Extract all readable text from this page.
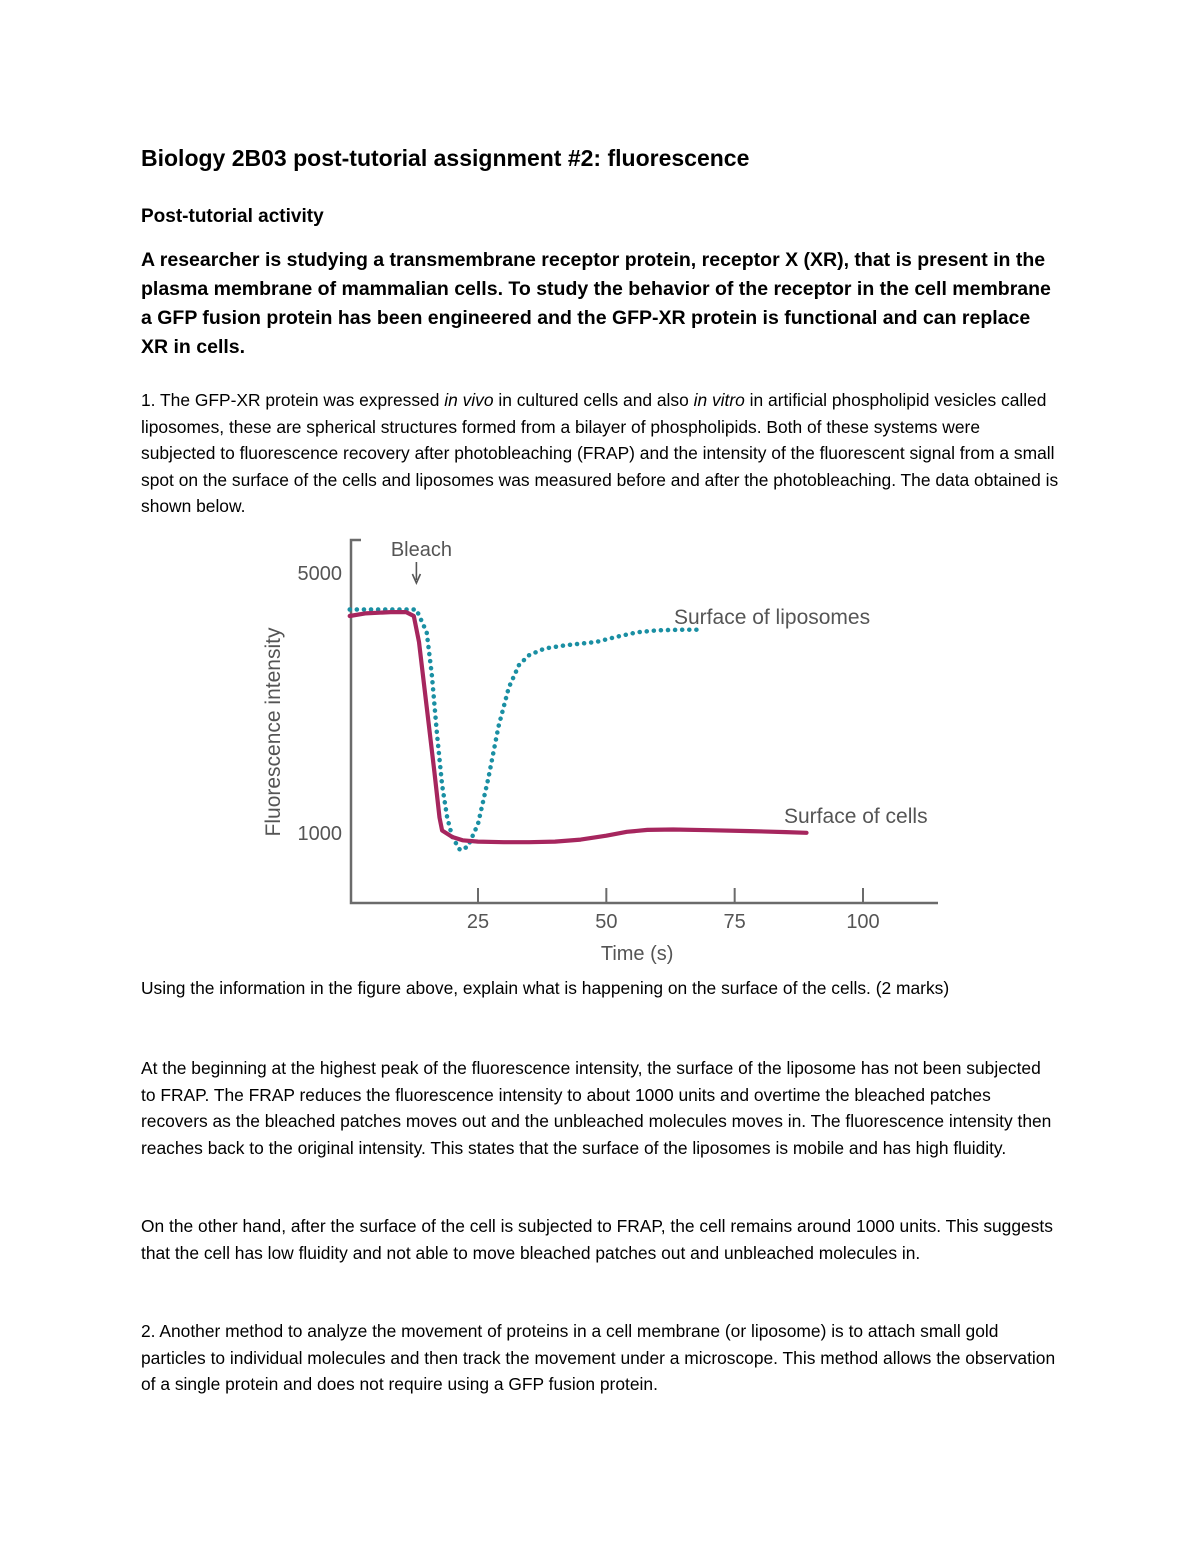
Biology 2B03 post-tutorial assignment #2: fluorescence
Post-tutorial activity

A researcher is studying a transmembrane receptor protein, receptor X (XR), that is present in the plasma membrane of mammalian cells. To study the behavior of the receptor in the cell membrane a GFP fusion protein has been engineered and the GFP-XR protein is functional and can replace XR in cells.

1. The GFP-XR protein was expressed in vivo in cultured cells and also in vitro in artificial phospholipid vesicles called liposomes, these are spherical structures formed from a bilayer of phospholipids. Both of these systems were subjected to fluorescence recovery after photobleaching (FRAP) and the intensity of the fluorescent signal from a small spot on the surface of the cells and liposomes was measured before and after the photobleaching. The data obtained is shown below.

Using the information in the figure above, explain what is happening on the surface of the cells. (2 marks)

At the beginning at the highest peak of the fluorescence intensity, the surface of the liposome has not been subjected to FRAP. The FRAP reduces the fluorescence intensity to about 1000 units and overtime the bleached patches recovers as the bleached patches moves out and the unbleached molecules moves in. The fluorescence intensity then reaches back to the original intensity. This states that the surface of the liposomes is mobile and has high fluidity.

On the other hand, after the surface of the cell is subjected to FRAP, the cell remains around 1000 units. This suggests that the cell has low fluidity and not able to move bleached patches out and unbleached molecules in.

2. Another method to analyze the movement of proteins in a cell membrane (or liposome) is to attach small gold particles to individual molecules and then track the movement under a microscope. This method allows the observation of a single protein and does not require using a GFP fusion protein.

25	50	75	100
5000
1000
Time (s)
Fluorescence intensity
Bleach
Surface of liposomes
Surface of cells
